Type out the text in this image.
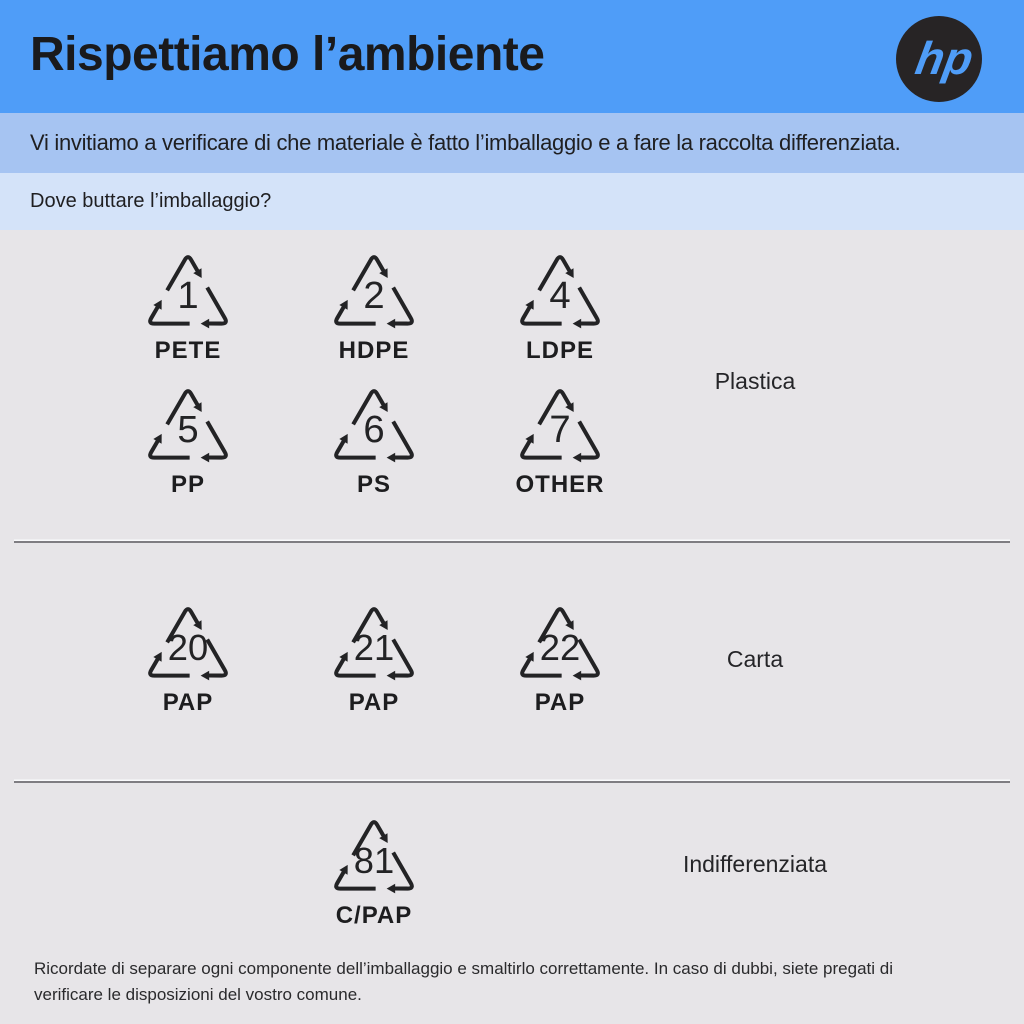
Rispettiamo l’ambiente	hp
Vi invitiamo a verificare di che materiale è fatto l’imballaggio e a fare la raccolta differenziata.
Dove buttare l’imballaggio?
1
PETE
2
HDPE
4
LDPE
5
PP
6
PS
7
OTHER
Plastica
20
PAP
21
PAP
22
PAP
Carta
81
C/PAP
Indifferenziata
Ricordate di separare ogni componente dell’imballaggio e smaltirlo correttamente. In caso di dubbi, siete pregati di verificare le disposizioni del vostro comune.
